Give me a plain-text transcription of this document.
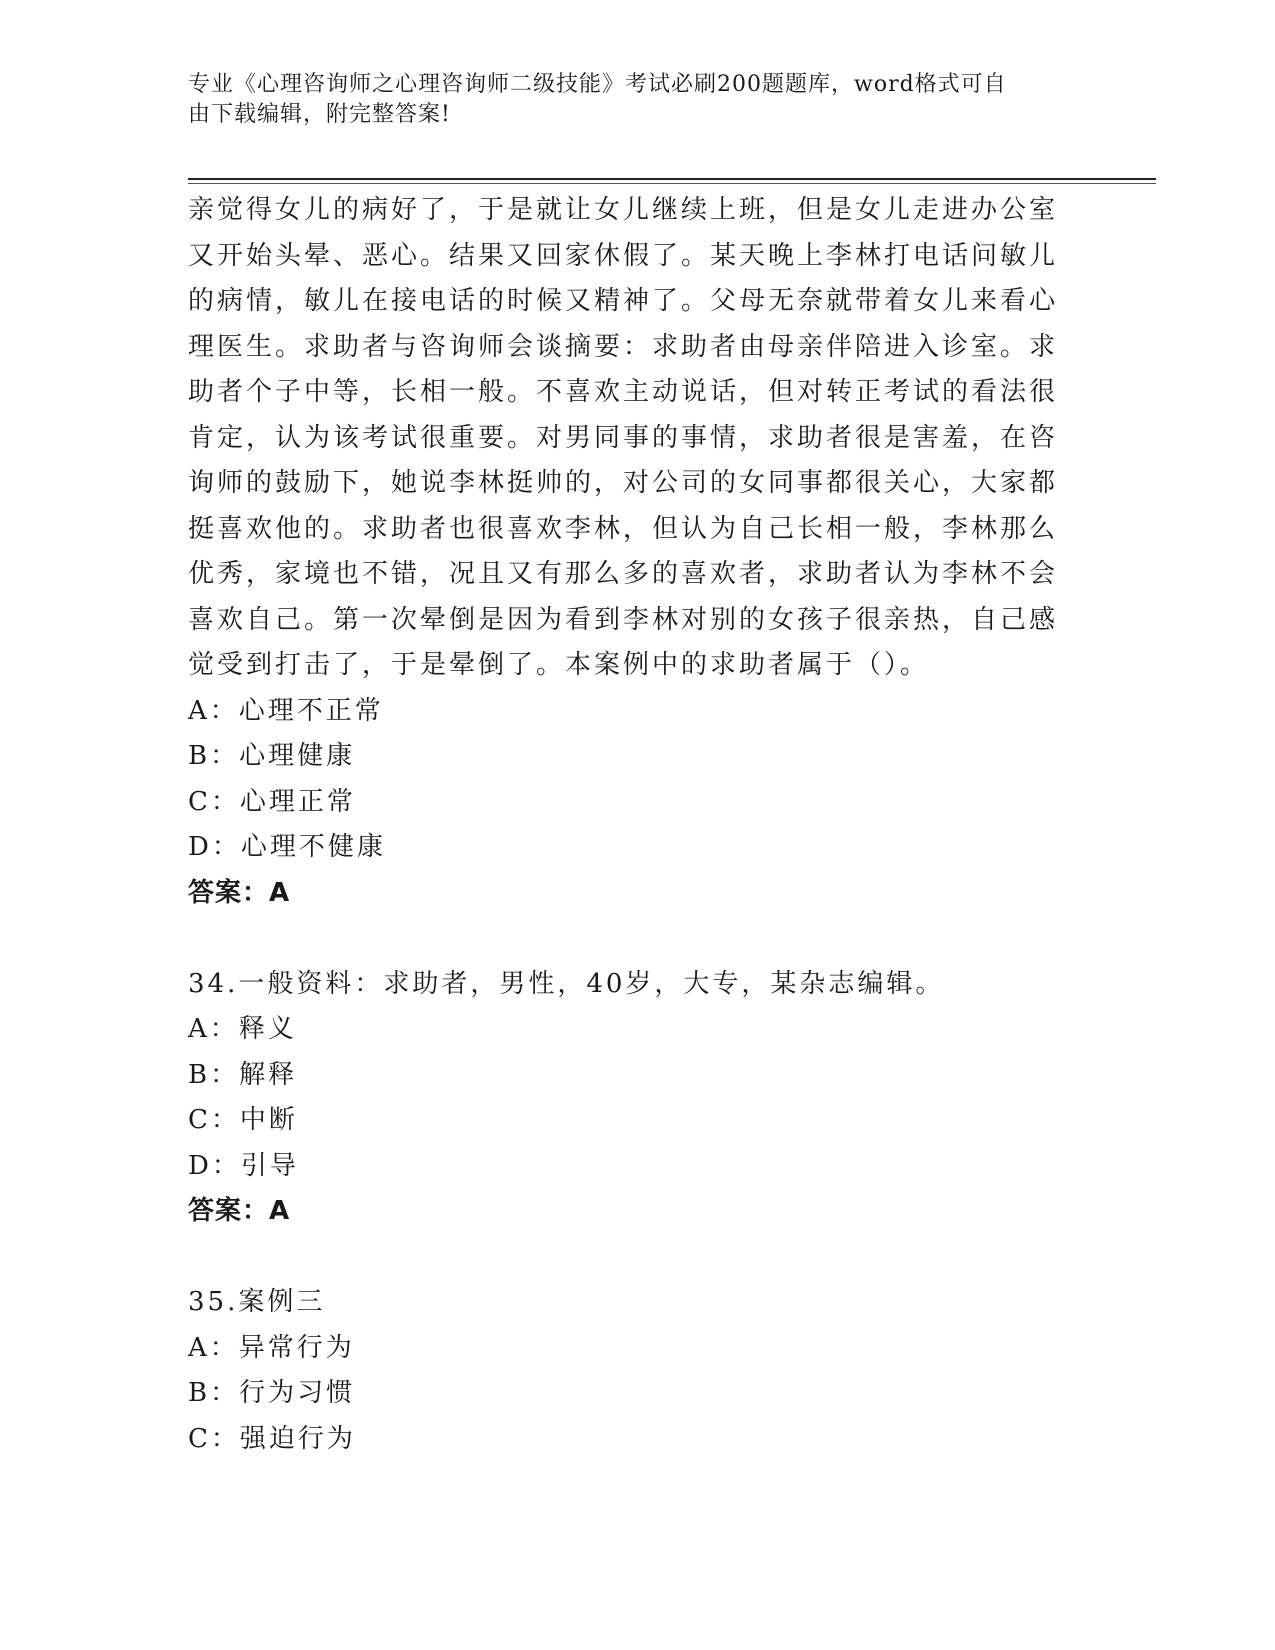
专业《心理咨询师之心理咨询师二级技能》考试必刷200题题库，word格式可自
由下载编辑，附完整答案!
亲觉得女儿的病好了，于是就让女儿继续上班，但是女儿走进办公室
又开始头晕、恶心。结果又回家休假了。某天晚上李林打电话问敏儿
的病情，敏儿在接电话的时候又精神了。父母无奈就带着女儿来看心
理医生。求助者与咨询师会谈摘要：求助者由母亲伴陪进入诊室。求
助者个子中等，长相一般。不喜欢主动说话，但对转正考试的看法很
肯定，认为该考试很重要。对男同事的事情，求助者很是害羞，在咨
询师的鼓励下，她说李林挺帅的，对公司的女同事都很关心，大家都
挺喜欢他的。求助者也很喜欢李林，但认为自己长相一般，李林那么
优秀，家境也不错，况且又有那么多的喜欢者，求助者认为李林不会
喜欢自己。第一次晕倒是因为看到李林对别的女孩子很亲热，自己感
觉受到打击了，于是晕倒了。本案例中的求助者属于（）。
A：心理不正常
B：心理健康
C：心理正常
D：心理不健康
答案：A
34.一般资料：求助者，男性，40岁，大专，某杂志编辑。
A：释义
B：解释
C：中断
D：引导
答案：A
35.案例三
A：异常行为
B：行为习惯
C：强迫行为
